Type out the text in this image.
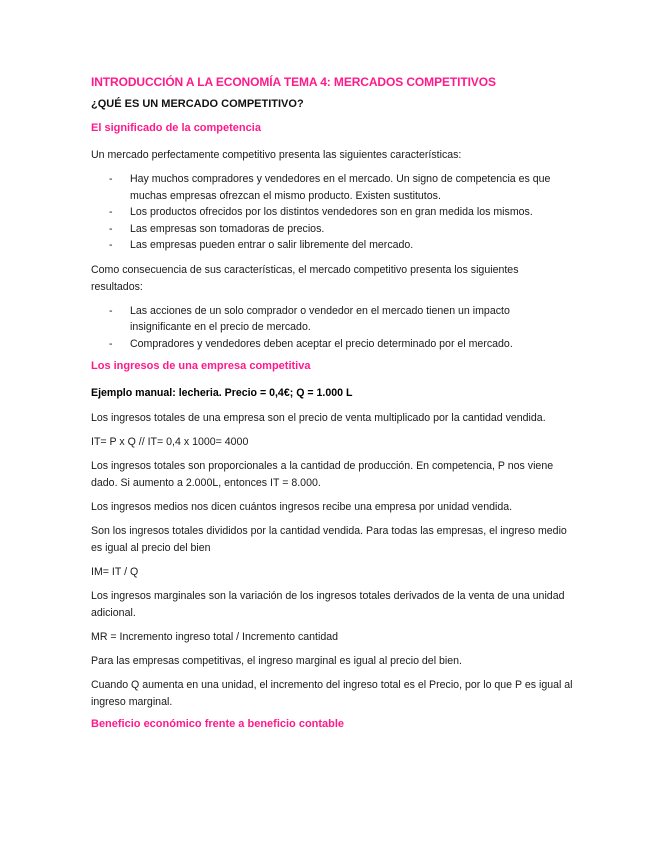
INTRODUCCIÓN A LA ECONOMÍA TEMA 4: MERCADOS COMPETITIVOS
¿QUÉ ES UN MERCADO COMPETITIVO?
El significado de la competencia

Un mercado perfectamente competitivo presenta las siguientes características:

- Hay muchos compradores y vendedores en el mercado. Un signo de competencia es que muchas empresas ofrezcan el mismo producto. Existen sustitutos.
- Los productos ofrecidos por los distintos vendedores son en gran medida los mismos.
- Las empresas son tomadoras de precios.
- Las empresas pueden entrar o salir libremente del mercado.

Como consecuencia de sus características, el mercado competitivo presenta los siguientes resultados:

- Las acciones de un solo comprador o vendedor en el mercado tienen un impacto insignificante en el precio de mercado.
- Compradores y vendedores deben aceptar el precio determinado por el mercado.
Los ingresos de una empresa competitiva

Ejemplo manual: lecheria. Precio = 0,4€; Q = 1.000 L

Los ingresos totales de una empresa son el precio de venta multiplicado por la cantidad vendida.

IT= P x Q // IT= 0,4 x 1000= 4000

Los ingresos totales son proporcionales a la cantidad de producción. En competencia, P nos viene dado. Si aumento a 2.000L, entonces IT = 8.000.

Los ingresos medios nos dicen cuántos ingresos recibe una empresa por unidad vendida.

Son los ingresos totales divididos por la cantidad vendida. Para todas las empresas, el ingreso medio es igual al precio del bien

IM= IT / Q

Los ingresos marginales son la variación de los ingresos totales derivados de la venta de una unidad adicional.

MR = Incremento ingreso total / Incremento cantidad

Para las empresas competitivas, el ingreso marginal es igual al precio del bien.

Cuando Q aumenta en una unidad, el incremento del ingreso total es el Precio, por lo que P es igual al ingreso marginal.

Beneficio económico frente a beneficio contable
